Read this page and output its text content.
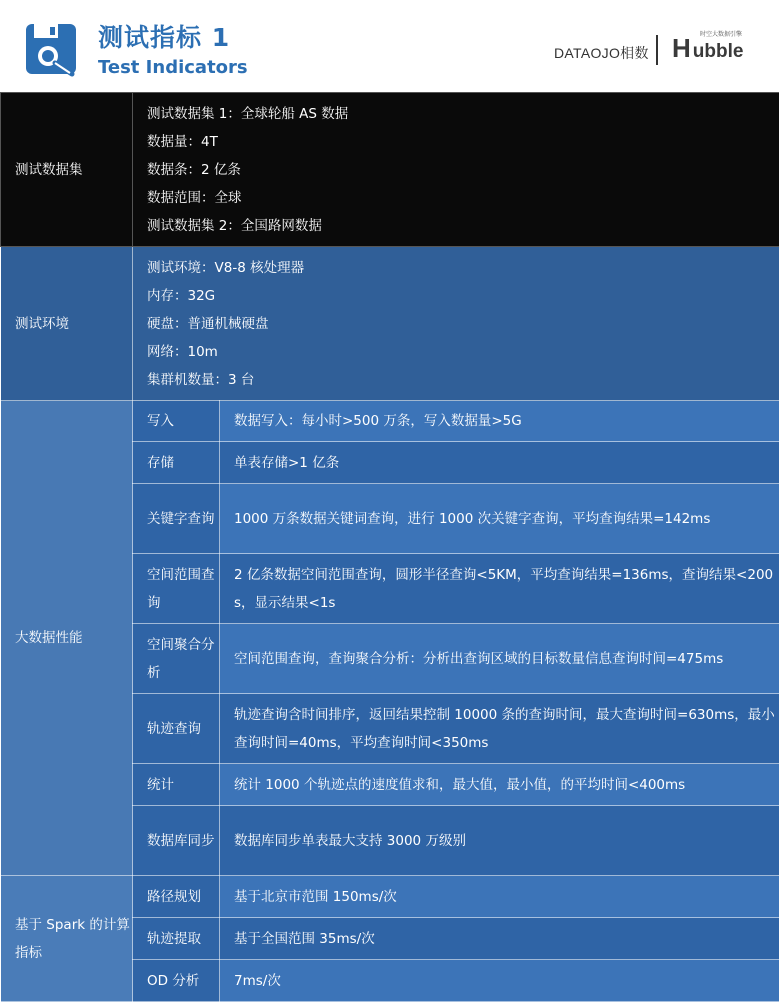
测试指标 1
Test Indicators
DATAOJO相数 H ubble
时空大数据引擎
测试数据集	测试数据集 1：全球轮船 AS 数据
数据量：4T
数据条：2 亿条
数据范围：全球
测试数据集 2：全国路网数据	

测试环境	测试环境：V8-8 核处理器
内存：32G
硬盘：普通机械硬盘
网络：10m
集群机数量：3 台	

大数据性能	写入	数据写入：每小时>500 万条，写入数据量>5G
	存储	单表存储>1 亿条
	关键字查询	1000 万条数据关键词查询，进行 1000 次关键字查询，平均查询结果=142ms
	空间范围查询	2 亿条数据空间范围查询，圆形半径查询<5KM，平均查询结果=136ms，查询结果<200s，显示结果<1s
	空间聚合分析	空间范围查询，查询聚合分析：分析出查询区域的目标数量信息查询时间=475ms
	轨迹查询	轨迹查询含时间排序，返回结果控制 10000 条的查询时间，最大查询时间=630ms，最小查询时间=40ms，平均查询时间<350ms
	统计	统计 1000 个轨迹点的速度值求和，最大值，最小值，的平均时间<400ms
	数据库同步	数据库同步单表最大支持 3000 万级别
基于 Spark 的计算指标	路径规划	基于北京市范围 150ms/次
	轨迹提取	基于全国范围 35ms/次
	OD 分析	7ms/次
